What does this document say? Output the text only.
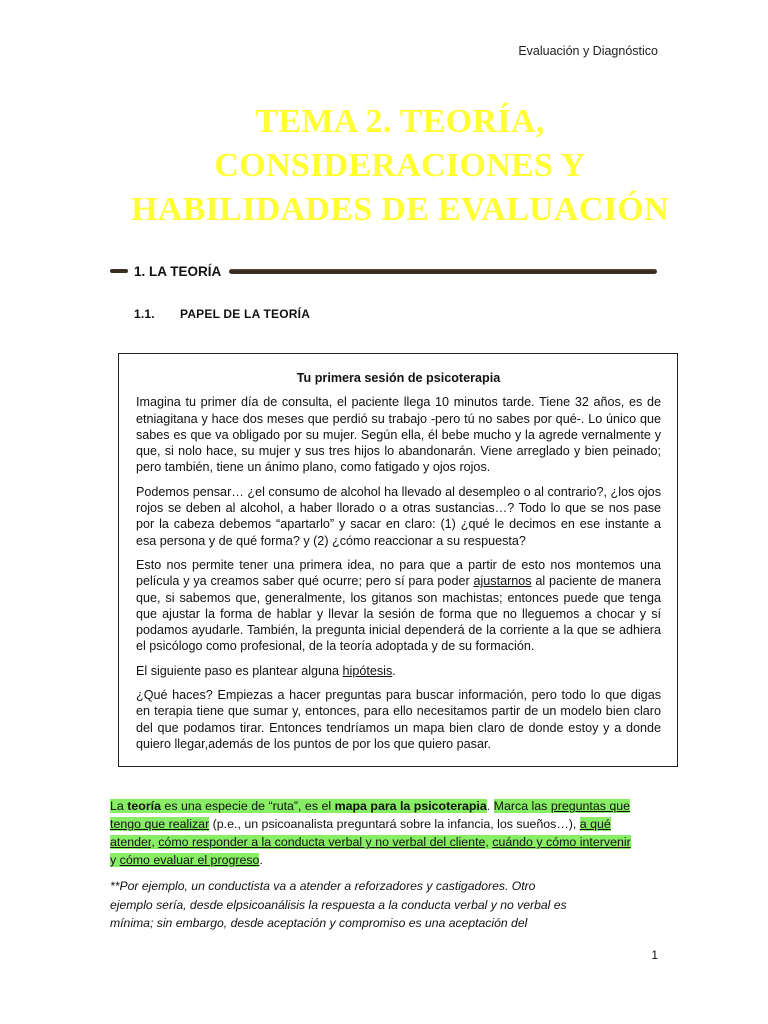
Evaluación y Diagnóstico
TEMA 2. TEORÍA,
CONSIDERACIONES Y
HABILIDADES DE EVALUACIÓN
1. LA TEORÍA
1.1. PAPEL DE LA TEORÍA
Tu primera sesión de psicoterapia

Imagina tu primer día de consulta, el paciente llega 10 minutos tarde. Tiene 32 años, es de etniagitana y hace dos meses que perdió su trabajo -pero tú no sabes por qué-. Lo único que sabes es que va obligado por su mujer. Según ella, él bebe mucho y la agrede vernalmente y que, si nolo hace, su mujer y sus tres hijos lo abandonarán. Viene arreglado y bien peinado; pero también, tiene un ánimo plano, como fatigado y ojos rojos.

Podemos pensar… ¿el consumo de alcohol ha llevado al desempleo o al contrario?, ¿los ojos rojos se deben al alcohol, a haber llorado o a otras sustancias…? Todo lo que se nos pase por la cabeza debemos “apartarlo” y sacar en claro: (1) ¿qué le decimos en ese instante a esa persona y de qué forma? y (2) ¿cómo reaccionar a su respuesta?

Esto nos permite tener una primera idea, no para que a partir de esto nos montemos una película y ya creamos saber qué ocurre; pero sí para poder ajustarnos al paciente de manera que, si sabemos que, generalmente, los gitanos son machistas; entonces puede que tenga que ajustar la forma de hablar y llevar la sesión de forma que no lleguemos a chocar y sí podamos ayudarle. También, la pregunta inicial dependerá de la corriente a la que se adhiera el psicólogo como profesional, de la teoría adoptada y de su formación.

El siguiente paso es plantear alguna hipótesis.

¿Qué haces? Empiezas a hacer preguntas para buscar información, pero todo lo que digas en terapia tiene que sumar y, entonces, para ello necesitamos partir de un modelo bien claro del que podamos tirar. Entonces tendríamos un mapa bien claro de donde estoy y a donde quiero llegar,además de los puntos de por los que quiero pasar.

La teoría es una especie de “ruta”, es el mapa para la psicoterapia. Marca las preguntas que tengo que realizar (p.e., un psicoanalista preguntará sobre la infancia, los sueños…), a qué atender, cómo responder a la conducta verbal y no verbal del cliente, cuándo y cómo intervenir y cómo evaluar el progreso.
**Por ejemplo, un conductista va a atender a reforzadores y castigadores. Otro ejemplo sería, desde elpsicoanálisis la respuesta a la conducta verbal y no verbal es mínima; sin embargo, desde aceptación y compromiso es una aceptación del
1
